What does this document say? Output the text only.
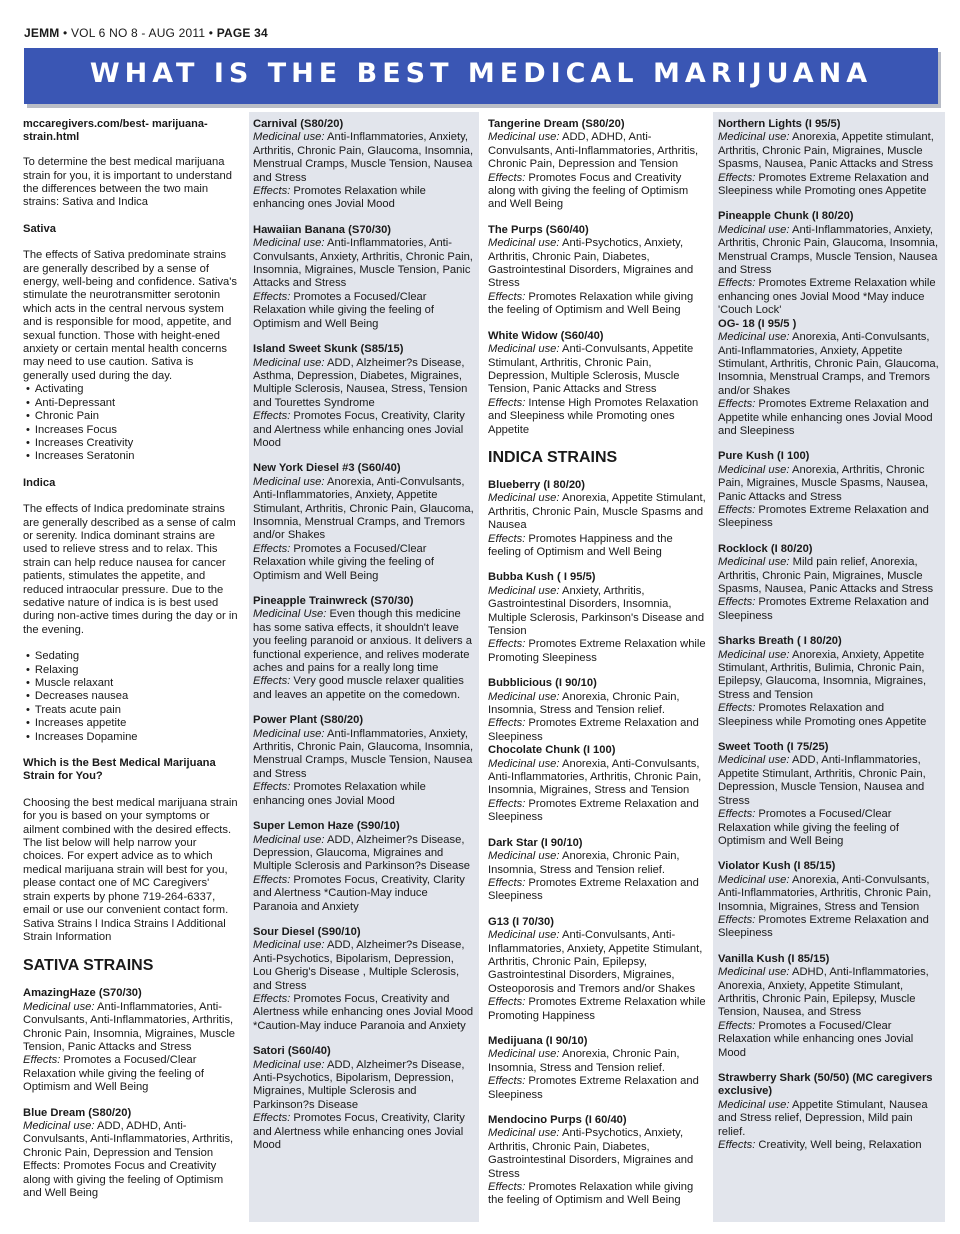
JEMM • VOL 6 NO 8 - AUG 2011 • PAGE 34
WHAT IS THE BEST MEDICAL MARIJUANA
mccaregivers.com/best- marijuana-strain.html

To determine the best medical marijuana strain for you, it is important to understand the differences between the two main strains: Sativa and Indica

Sativa

The effects of Sativa predominate strains are generally described by a sense of energy, well-being and confidence. Sativa's stimulate the neurotransmitter serotonin which acts in the central nervous system and is responsible for mood, appetite, and sexual function. Those with height-ened anxiety or certain mental health concerns may need to use caution. Sativa is generally used during the day.

• Activating
• Anti-Depressant
• Chronic Pain
• Increases Focus
• Increases Creativity
• Increases Seratonin
Indica

The effects of Indica predominate strains are generally described as a sense of calm or serenity. Indica dominant strains are used to relieve stress and to relax. This strain can help reduce nausea for cancer patients, stimulates the appetite, and reduced intraocular pressure. Due to the sedative nature of indica is is best used during non-active times during the day or in the evening.

• Sedating
• Relaxing
• Muscle relaxant
• Decreases nausea
• Treats acute pain
• Increases appetite
• Increases Dopamine
Which is the Best Medical Marijuana Strain for You?

Choosing the best medical marijuana strain for you is based on your symptoms or ailment combined with the desired effects. The list below will help narrow your choices. For expert advice as to which medical marijuana strain will best for you, please contact one of MC Caregivers' strain experts by phone 719-264-6337, email or use our convenient contact form. Sativa Strains l Indica Strains l Additional Strain Information

SATIVA STRAINS
AmazingHaze (S70/30)
Medicinal use: Anti-Inflammatories, Anti-Convulsants, Anti-Inflammatories, Arthritis, Chronic Pain, Insomnia, Migraines, Muscle Tension, Panic Attacks and Stress
Effects: Promotes a Focused/Clear Relaxation while giving the feeling of Optimism and Well Being
Blue Dream (S80/20)
Medicinal use: ADD, ADHD, Anti-Convulsants, Anti-Inflammatories, Arthritis, Chronic Pain, Depression and Tension
Effects: Promotes Focus and Creativity along with giving the feeling of Optimism and Well Being
Carnival (S80/20)
Medicinal use: Anti-Inflammatories, Anxiety, Arthritis, Chronic Pain, Glaucoma, Insomnia, Menstrual Cramps, Muscle Tension, Nausea and Stress
Effects: Promotes Relaxation while enhancing ones Jovial Mood
Hawaiian Banana (S70/30)
Medicinal use: Anti-Inflammatories, Anti-Convulsants, Anxiety, Arthritis, Chronic Pain, Insomnia, Migraines, Muscle Tension, Panic Attacks and Stress
Effects: Promotes a Focused/Clear Relaxation while giving the feeling of Optimism and Well Being
Island Sweet Skunk (S85/15)
Medicinal use: ADD, Alzheimer?s Disease, Asthma, Depression, Diabetes, Migraines, Multiple Sclerosis, Nausea, Stress, Tension and Tourettes Syndrome
Effects: Promotes Focus, Creativity, Clarity and Alertness while enhancing ones Jovial Mood
New York Diesel #3 (S60/40)
Medicinal use: Anorexia, Anti-Convulsants, Anti-Inflammatories, Anxiety, Appetite Stimulant, Arthritis, Chronic Pain, Glaucoma, Insomnia, Menstrual Cramps, and Tremors and/or Shakes
Effects: Promotes a Focused/Clear Relaxation while giving the feeling of Optimism and Well Being
Pineapple Trainwreck (S70/30)
Medicinal Use: Even though this medicine has some sativa effects, it shouldn't leave you feeling paranoid or anxious. It delivers a functional experience, and relives moderate aches and pains for a really long time
Effects: Very good muscle relaxer qualities and leaves an appetite on the comedown.
Power Plant (S80/20)
Medicinal use: Anti-Inflammatories, Anxiety, Arthritis, Chronic Pain, Glaucoma, Insomnia, Menstrual Cramps, Muscle Tension, Nausea and Stress
Effects: Promotes Relaxation while enhancing ones Jovial Mood
Super Lemon Haze (S90/10)
Medicinal use: ADD, Alzheimer?s Disease, Depression, Glaucoma, Migraines and Multiple Sclerosis and Parkinson?s Disease
Effects: Promotes Focus, Creativity, Clarity and Alertness *Caution-May induce Paranoia and Anxiety
Sour Diesel (S90/10)
Medicinal use: ADD, Alzheimer?s Disease, Anti-Psychotics, Bipolarism, Depression, Lou Gherig's Disease , Multiple Sclerosis, and Stress
Effects: Promotes Focus, Creativity and Alertness while enhancing ones Jovial Mood *Caution-May induce Paranoia and Anxiety
Satori (S60/40)
Medicinal use: ADD, Alzheimer?s Disease, Anti-Psychotics, Bipolarism, Depression, Migraines, Multiple Sclerosis and Parkinson?s Disease
Effects: Promotes Focus, Creativity, Clarity and Alertness while enhancing ones Jovial Mood
Tangerine Dream (S80/20)
Medicinal use: ADD, ADHD, Anti-Convulsants, Anti-Inflammatories, Arthritis, Chronic Pain, Depression and Tension
Effects: Promotes Focus and Creativity along with giving the feeling of Optimism and Well Being
The Purps (S60/40)
Medicinal use: Anti-Psychotics, Anxiety, Arthritis, Chronic Pain, Diabetes, Gastrointestinal Disorders, Migraines and Stress
Effects: Promotes Relaxation while giving the feeling of Optimism and Well Being
White Widow (S60/40)
Medicinal use: Anti-Convulsants, Appetite Stimulant, Arthritis, Chronic Pain, Depression, Multiple Sclerosis, Muscle Tension, Panic Attacks and Stress
Effects: Intense High Promotes Relaxation and Sleepiness while Promoting ones Appetite
INDICA STRAINS
Blueberry (I 80/20)
Medicinal use: Anorexia, Appetite Stimulant, Arthritis, Chronic Pain, Muscle Spasms and Nausea
Effects: Promotes Happiness and the feeling of Optimism and Well Being
Bubba Kush ( I 95/5)
Medicinal use: Anxiety, Arthritis, Gastrointestinal Disorders, Insomnia, Multiple Sclerosis, Parkinson's Disease and Tension
Effects: Promotes Extreme Relaxation while Promoting Sleepiness
Bubblicious (I 90/10)
Medicinal use: Anorexia, Chronic Pain, Insomnia, Stress and Tension relief.
Effects: Promotes Extreme Relaxation and Sleepiness
Chocolate Chunk (I 100)
Medicinal use: Anorexia, Anti-Convulsants, Anti-Inflammatories, Arthritis, Chronic Pain, Insomnia, Migraines, Stress and Tension
Effects: Promotes Extreme Relaxation and Sleepiness
Dark Star (I 90/10)
Medicinal use: Anorexia, Chronic Pain, Insomnia, Stress and Tension relief.
Effects: Promotes Extreme Relaxation and Sleepiness
G13 (I 70/30)
Medicinal use: Anti-Convulsants, Anti-Inflammatories, Anxiety, Appetite Stimulant, Arthritis, Chronic Pain, Epilepsy, Gastrointestinal Disorders, Migraines, Osteoporosis and Tremors and/or Shakes
Effects: Promotes Extreme Relaxation while Promoting Happiness
Medijuana (I 90/10)
Medicinal use: Anorexia, Chronic Pain, Insomnia, Stress and Tension relief.
Effects: Promotes Extreme Relaxation and Sleepiness
Mendocino Purps (I 60/40)
Medicinal use: Anti-Psychotics, Anxiety, Arthritis, Chronic Pain, Diabetes, Gastrointestinal Disorders, Migraines and Stress
Effects: Promotes Relaxation while giving the feeling of Optimism and Well Being
Northern Lights (I 95/5)
Medicinal use: Anorexia, Appetite stimulant, Arthritis, Chronic Pain, Migraines, Muscle Spasms, Nausea, Panic Attacks and Stress
Effects: Promotes Extreme Relaxation and Sleepiness while Promoting ones Appetite
Pineapple Chunk (I 80/20)
Medicinal use: Anti-Inflammatories, Anxiety, Arthritis, Chronic Pain, Glaucoma, Insomnia, Menstrual Cramps, Muscle Tension, Nausea and Stress
Effects: Promotes Extreme Relaxation while enhancing ones Jovial Mood *May induce 'Couch Lock'
OG- 18 (I 95/5 )
Medicinal use: Anorexia, Anti-Convulsants, Anti-Inflammatories, Anxiety, Appetite Stimulant, Arthritis, Chronic Pain, Glaucoma, Insomnia, Menstrual Cramps, and Tremors and/or Shakes
Effects: Promotes Extreme Relaxation and Appetite while enhancing ones Jovial Mood and Sleepiness
Pure Kush (I 100)
Medicinal use: Anorexia, Arthritis, Chronic Pain, Migraines, Muscle Spasms, Nausea, Panic Attacks and Stress
Effects: Promotes Extreme Relaxation and Sleepiness
Rocklock (I 80/20)
Medicinal use: Mild pain relief, Anorexia, Arthritis, Chronic Pain, Migraines, Muscle Spasms, Nausea, Panic Attacks and Stress
Effects: Promotes Extreme Relaxation and Sleepiness
Sharks Breath ( I 80/20)
Medicinal use: Anorexia, Anxiety, Appetite Stimulant, Arthritis, Bulimia, Chronic Pain, Epilepsy, Glaucoma, Insomnia, Migraines, Stress and Tension
Effects: Promotes Relaxation and Sleepiness while Promoting ones Appetite
Sweet Tooth (I 75/25)
Medicinal use: ADD, Anti-Inflammatories, Appetite Stimulant, Arthritis, Chronic Pain, Depression, Muscle Tension, Nausea and Stress
Effects: Promotes a Focused/Clear Relaxation while giving the feeling of Optimism and Well Being
Violator Kush (I 85/15)
Medicinal use: Anorexia, Anti-Convulsants, Anti-Inflammatories, Arthritis, Chronic Pain, Insomnia, Migraines, Stress and Tension
Effects: Promotes Extreme Relaxation and Sleepiness
Vanilla Kush (I 85/15)
Medicinal use: ADHD, Anti-Inflammatories, Anorexia, Anxiety, Appetite Stimulant, Arthritis, Chronic Pain, Epilepsy, Muscle Tension, Nausea, and Stress
Effects: Promotes a Focused/Clear Relaxation while enhancing ones Jovial Mood
Strawberry Shark (50/50) (MC caregivers exclusive)
Medicinal use: Appetite Stimulant, Nausea and Stress relief, Depression, Mild pain relief.
Effects: Creativity, Well being, Relaxation
